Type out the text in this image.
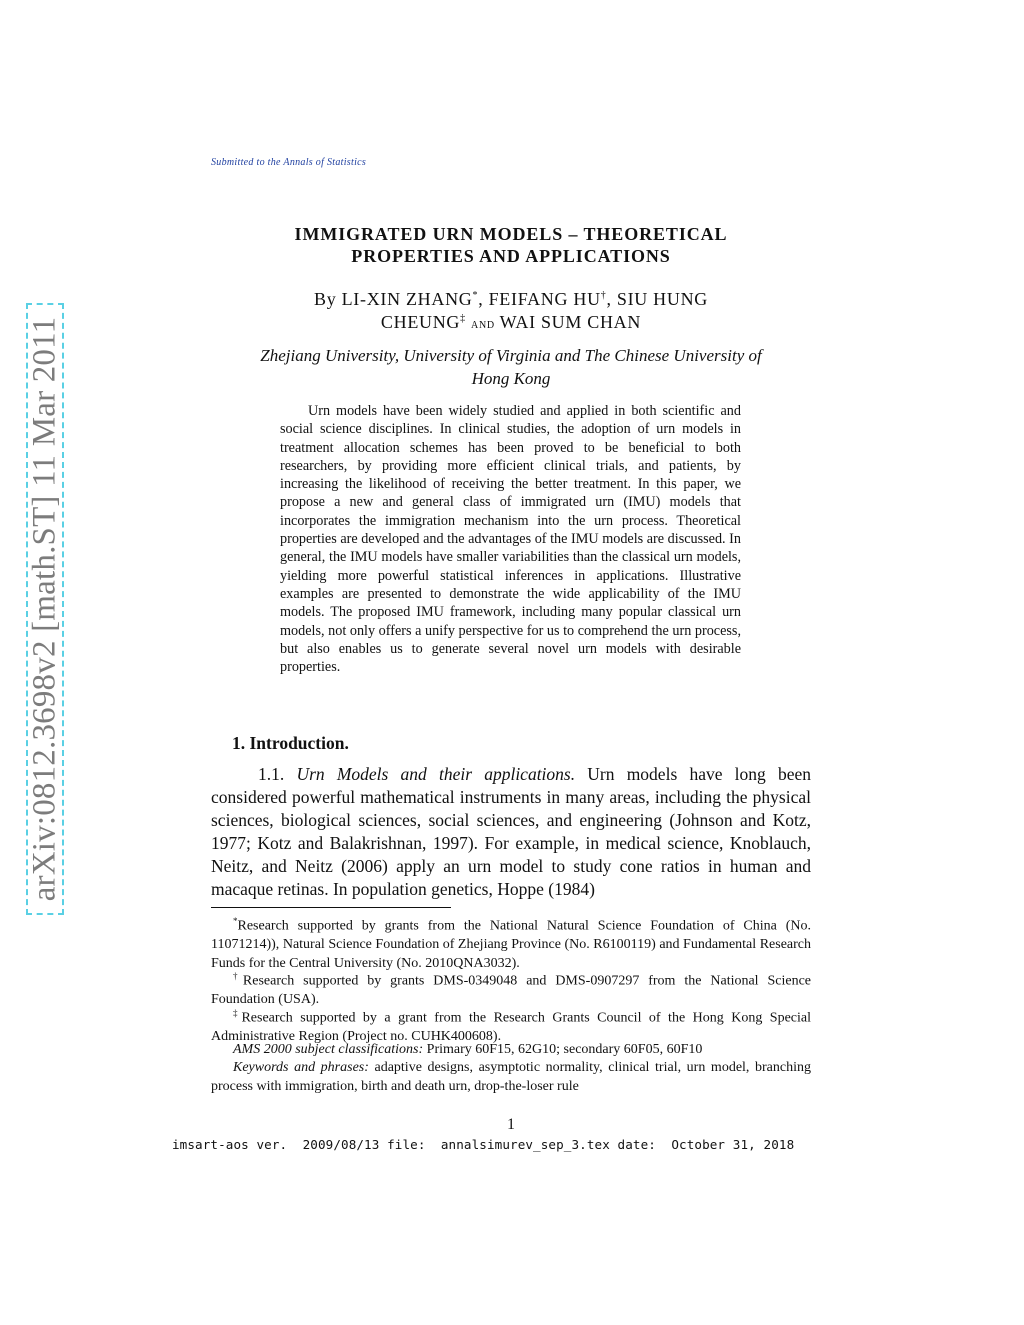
arXiv:0812.3698v2 [math.ST] 11 Mar 2011
Submitted to the Annals of Statistics
IMMIGRATED URN MODELS – THEORETICAL
PROPERTIES AND APPLICATIONS
By LI-XIN ZHANG*, FEIFANG HU†, SIU HUNG
CHEUNG‡ and WAI SUM CHAN
Zhejiang University, University of Virginia and The Chinese University of
Hong Kong
Urn models have been widely studied and applied in both scientific and social science disciplines. In clinical studies, the adoption of urn models in treatment allocation schemes has been proved to be beneficial to both researchers, by providing more efficient clinical trials, and patients, by increasing the likelihood of receiving the better treatment. In this paper, we propose a new and general class of immigrated urn (IMU) models that incorporates the immigration mechanism into the urn process. Theoretical properties are developed and the advantages of the IMU models are discussed. In general, the IMU models have smaller variabilities than the classical urn models, yielding more powerful statistical inferences in applications. Illustrative examples are presented to demonstrate the wide applicability of the IMU models. The proposed IMU framework, including many popular classical urn models, not only offers a unify perspective for us to comprehend the urn process, but also enables us to generate several novel urn models with desirable properties.
1. Introduction.
1.1. Urn Models and their applications. Urn models have long been considered powerful mathematical instruments in many areas, including the physical sciences, biological sciences, social sciences, and engineering (Johnson and Kotz, 1977; Kotz and Balakrishnan, 1997). For example, in medical science, Knoblauch, Neitz, and Neitz (2006) apply an urn model to study cone ratios in human and macaque retinas. In population genetics, Hoppe (1984)
*Research supported by grants from the National Natural Science Foundation of China (No. 11071214)), Natural Science Foundation of Zhejiang Province (No. R6100119) and Fundamental Research Funds for the Central University (No. 2010QNA3032).
†Research supported by grants DMS-0349048 and DMS-0907297 from the National Science Foundation (USA).
‡Research supported by a grant from the Research Grants Council of the Hong Kong Special Administrative Region (Project no. CUHK400608).
AMS 2000 subject classifications: Primary 60F15, 62G10; secondary 60F05, 60F10
Keywords and phrases: adaptive designs, asymptotic normality, clinical trial, urn model, branching process with immigration, birth and death urn, drop-the-loser rule
1
imsart-aos ver.  2009/08/13 file:  annalsimurev_sep_3.tex date:  October 31, 2018
